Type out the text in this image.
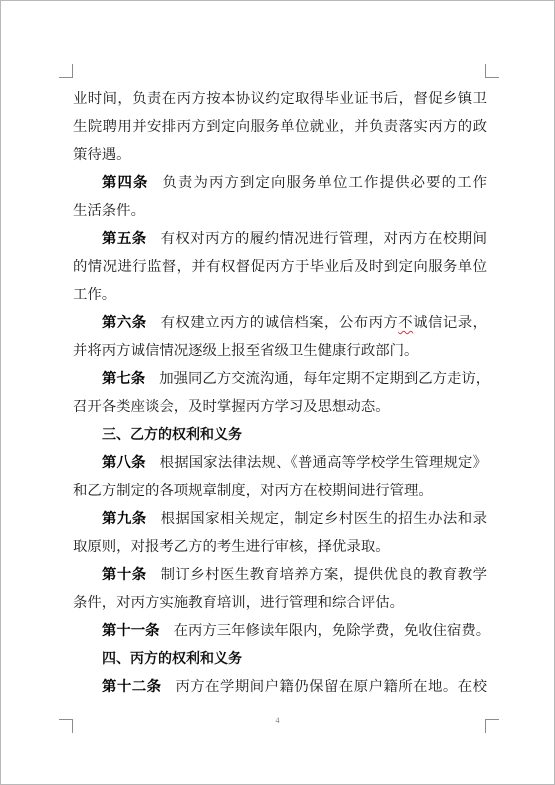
业时间，负责在丙方按本协议约定取得毕业证书后，督促乡镇卫
生院聘用并安排丙方到定向服务单位就业，并负责落实丙方的政
策待遇。
第四条 负责为丙方到定向服务单位工作提供必要的工作
生活条件。
第五条 有权对丙方的履约情况进行管理，对丙方在校期间
的情况进行监督，并有权督促丙方于毕业后及时到定向服务单位
工作。
第六条 有权建立丙方的诚信档案，公布丙方不诚信记录，
并将丙方诚信情况逐级上报至省级卫生健康行政部门。
第七条 加强同乙方交流沟通，每年定期不定期到乙方走访，
召开各类座谈会，及时掌握丙方学习及思想动态。
三、乙方的权利和义务
第八条 根据国家法律法规、《普通高等学校学生管理规定》
和乙方制定的各项规章制度，对丙方在校期间进行管理。
第九条 根据国家相关规定，制定乡村医生的招生办法和录
取原则，对报考乙方的考生进行审核，择优录取。
第十条 制订乡村医生教育培养方案，提供优良的教育教学
条件，对丙方实施教育培训，进行管理和综合评估。
第十一条 在丙方三年修读年限内，免除学费，免收住宿费。
四、丙方的权利和义务
第十二条 丙方在学期间户籍仍保留在原户籍所在地。在校
4
